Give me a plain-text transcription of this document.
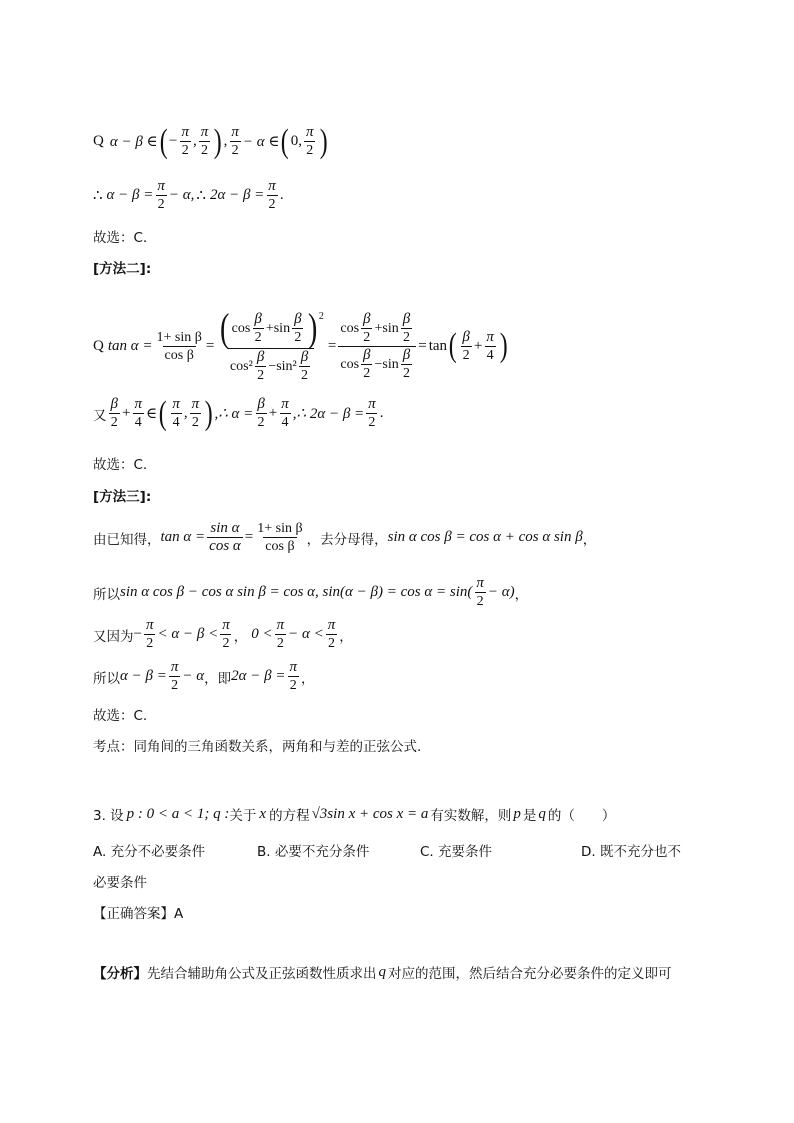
Q α − β ∈ ( − $\frac{\pi}{2}$ , $\frac{\pi}{2}$ ) , $\frac{\pi}{2} - \alpha$ ∈ ( 0, $\frac{\pi}{2}$ )
∴ $\alpha - \beta = \frac{\pi}{2} - \alpha$, ∴ $2\alpha - \beta = \frac{\pi}{2}$ .
故选：C.
[方法二]:
Q $\tan \alpha = \frac{\text{1+ sin β}}{\text{cos β}}$ = ( $\cos \frac{\beta}{2} + \sin \frac{\beta}{2} )^2$
$\cos^2 \frac{\beta}{2} - \sin^2 \frac{\beta}{2}$
= $\frac{\cos \frac{\beta}{2} + \sin \frac{\beta}{2}}{\cos \frac{\beta}{2} - \sin \frac{\beta}{2}} = \tan$ ( $\frac{\beta}{2} + \frac{\pi}{4}$ )
又 $\frac{\beta}{2} + \frac{\pi}{4}$ ∈ ( $\frac{\pi}{4}$ , $\frac{\pi}{2}$ ) ,∴ $\alpha = \frac{\beta}{2} + \frac{\pi}{4}$ ,∴ $2\alpha - \beta = \frac{\pi}{2}$ .
故选：C.
[方法三]:
由已知得， $\tan \alpha = \frac{\text{sin α}}{\text{cos α}} = \frac{\text{1+ sin β}}{\text{cos β}}$ ，去分母得， sin α cos β = cos α + cos α sin β ，
所以 sin α cos β − cos α sin β = cos α, $\sin(\alpha - \beta) = \cos \alpha = \sin( \frac{\pi}{2} - \alpha)$ ，
又因为 − $\frac{\pi}{2} < \alpha - \beta < \frac{\pi}{2}$ ， $0 < \frac{\pi}{2} - \alpha < \frac{\pi}{2}$ ，
所以 $\alpha - \beta = \frac{\pi}{2} - \alpha$ ，即 $2\alpha - \beta = \frac{\pi}{2}$ ，
故选：C.
考点：同角间的三角函数关系，两角和与差的正弦公式.
3. 设 p : 0 < a < 1; q : 关于 x 的方程 √3sin x + cos x = a 有实数解，则 p 是 q 的（　　）
A. 充分不必要条件	B. 必要不充分条件	C. 充要条件	D. 既不充分也不
必要条件
【正确答案】A
【分析】 先结合辅助角公式及正弦函数性质求出 q 对应的范围，然后结合充分必要条件的定义即可
